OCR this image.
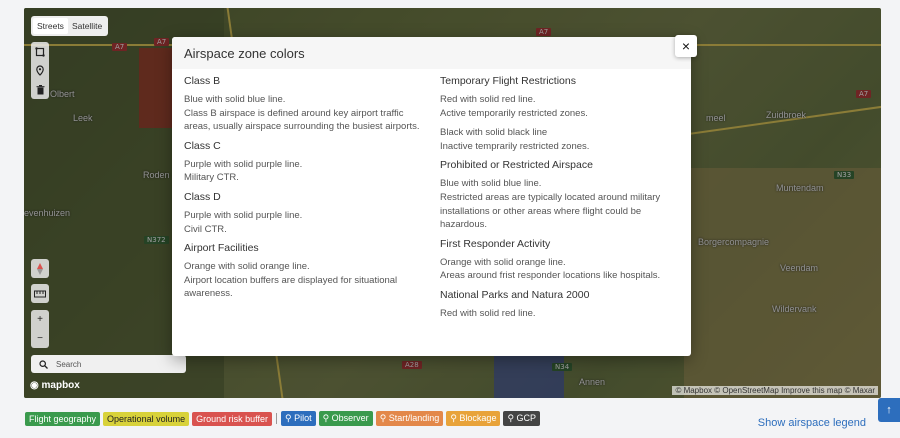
Olbert
Leek
Roden
evenhuizen
Zuidbroek
meel
Muntendam
Borgercompagnie
Veendam
Wildervank
Annen
A7
A7
A7
A7
N33
N372
A28	N34
Streets Satellite
+
−
Search
◉ mapbox	© Mapbox © OpenStreetMap Improve this map © Maxar
Flight geography	Operational volume	Ground risk buffer	⚲ Pilot	⚲ Observer	⚲ Start/landing	⚲ Blockage	⚲ GCP	Show airspace legend
↑
Airspace zone colors	×
Class B
Blue with solid blue line.
Class B airspace is defined around key airport traffic areas, usually airspace surrounding the busiest airports.
Class C
Purple with solid purple line.
Military CTR.
Class D
Purple with solid purple line.
Civil CTR.
Airport Facilities
Orange with solid orange line.
Airport location buffers are displayed for situational awareness.
Temporary Flight Restrictions
Red with solid red line.
Active temporarily restricted zones.
Black with solid black line
Inactive temprarily restricted zones.
Prohibited or Restricted Airspace
Blue with solid blue line.
Restricted areas are typically located around military installations or other areas where flight could be hazardous.
First Responder Activity
Orange with solid orange line.
Areas around frist responder locations like hospitals.
National Parks and Natura 2000
Red with solid red line.
